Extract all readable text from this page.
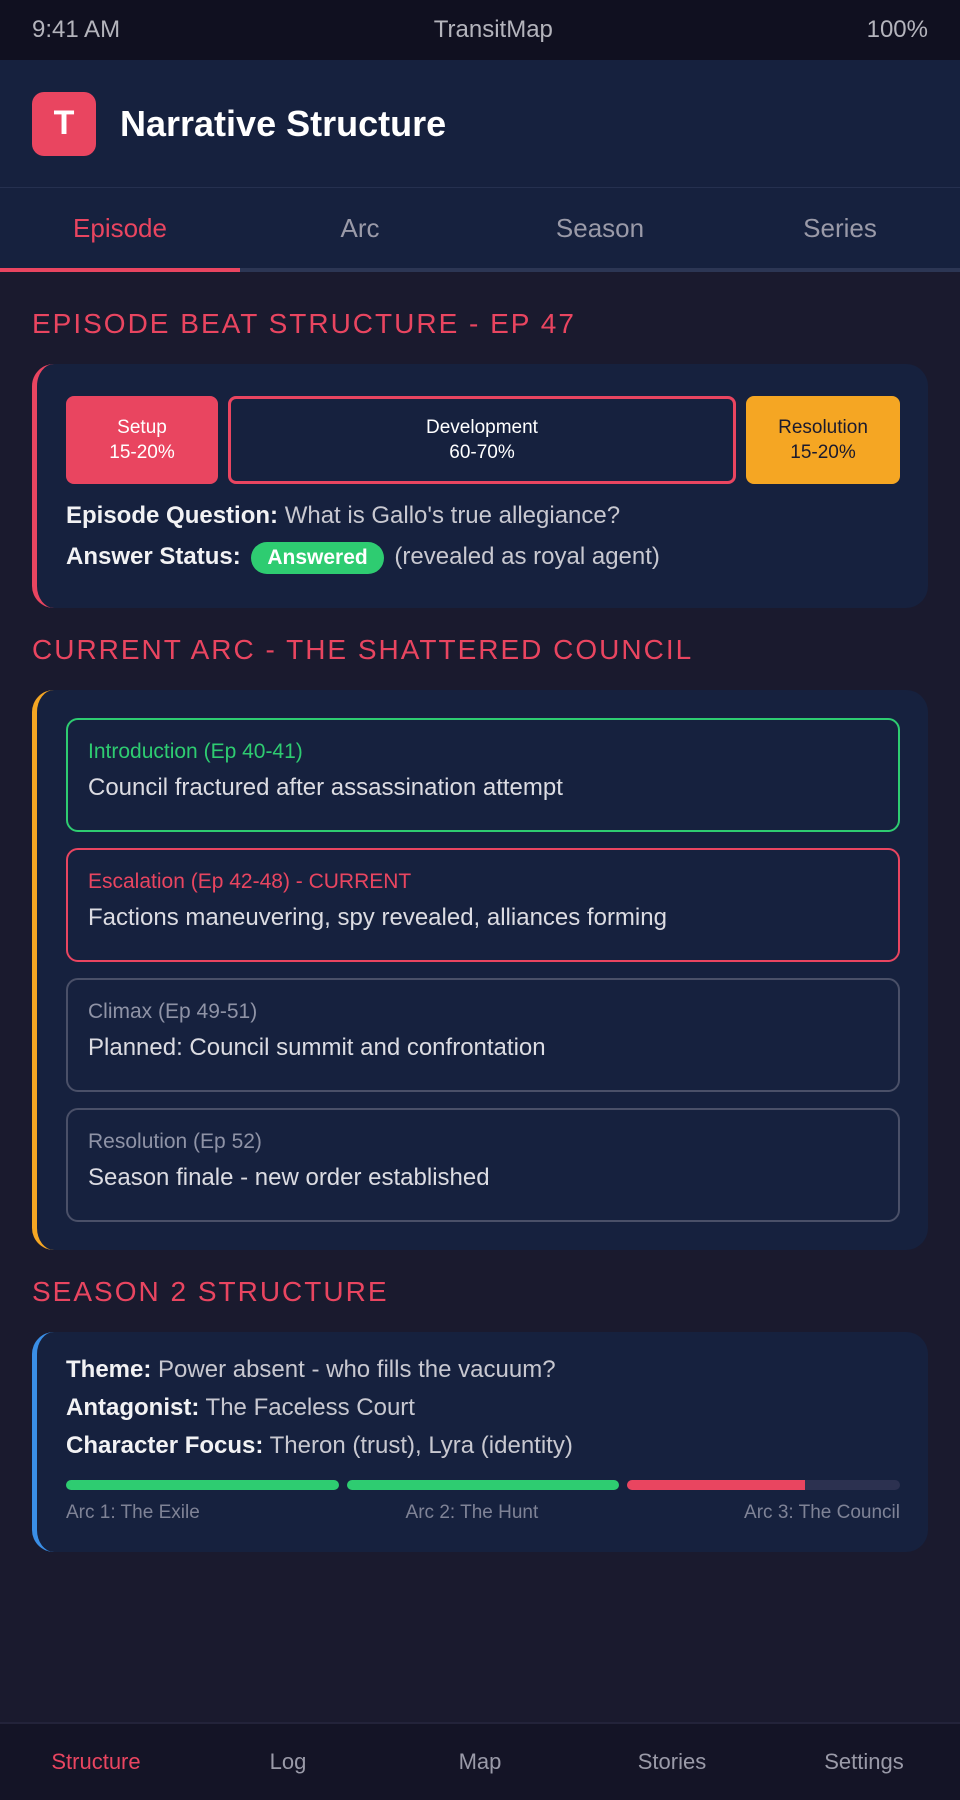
9:41 AM	TransitMap	100%
T	Narrative Structure
Episode	Arc	Season	Series
EPISODE BEAT STRUCTURE - EP 47
Setup
15-20%
Development
60-70%
Resolution
15-20%
Episode Question: What is Gallo's true allegiance?
Answer Status: Answered (revealed as royal agent)
CURRENT ARC - THE SHATTERED COUNCIL
Introduction (Ep 40-41)
Council fractured after assassination attempt
Escalation (Ep 42-48) - CURRENT
Factions maneuvering, spy revealed, alliances forming
Climax (Ep 49-51)
Planned: Council summit and confrontation
Resolution (Ep 52)
Season finale - new order established
SEASON 2 STRUCTURE
Theme: Power absent - who fills the vacuum?
Antagonist: The Faceless Court
Character Focus: Theron (trust), Lyra (identity)
Arc 1: The Exile	Arc 2: The Hunt	Arc 3: The Council
Structure	Log	Map	Stories	Settings
